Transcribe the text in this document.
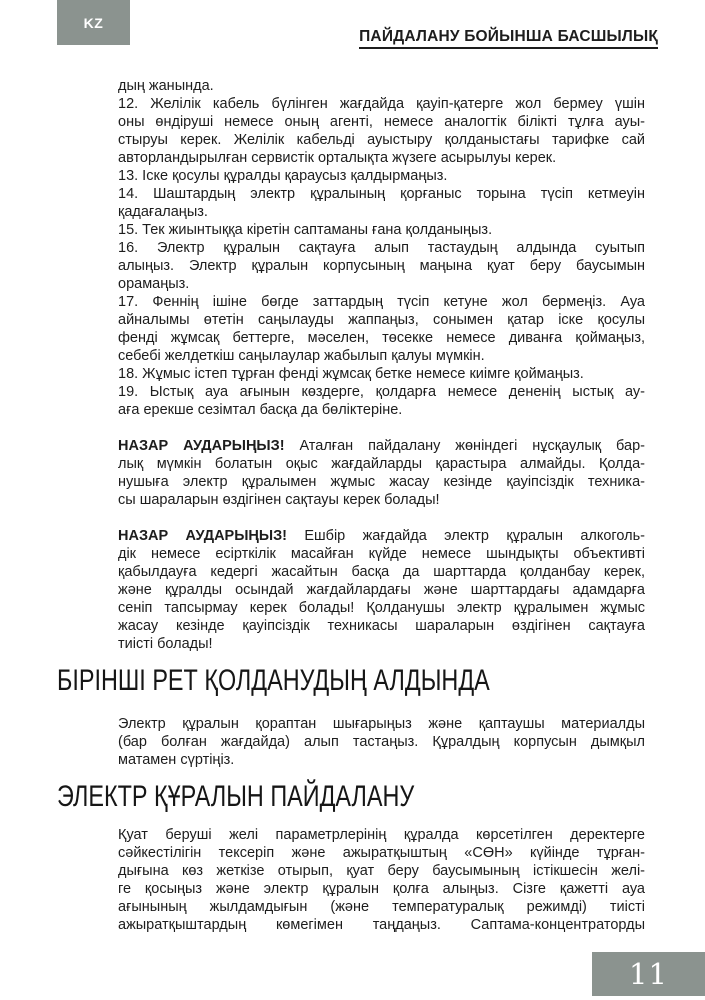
KZ
ПАЙДАЛАНУ БОЙЫНША БАСШЫЛЫҚ
дың жанында.
12. Желілік кабель бүлінген жағдайда қауіп-қатерге жол бермеу үшін
оны өндіруші немесе оның агенті, немесе аналогтік білікті тұлға ауы-
стыруы керек. Желілік кабельді ауыстыру қолданыстағы тарифке сай
авторландырылған сервистік орталықта жүзеге асырылуы керек.
13. Іске қосулы құралды қараусыз қалдырмаңыз.
14. Шаштардың электр құралының қорғаныс торына түсіп кетмеуін
қадағалаңыз.
15. Тек жиынтыққа кіретін саптаманы ғана қолданыңыз.
16. Электр құралын сақтауға алып тастаудың алдында суытып
алыңыз. Электр құралын корпусының маңына қуат беру баусымын
орамаңыз.
17. Феннің ішіне бөгде заттардың түсіп кетуне жол бермеңіз. Ауа
айналымы өтетін саңылауды жаппаңыз, сонымен қатар іске қосулы
фенді жұмсақ беттерге, мәселен, төсекке немесе диванға қоймаңыз,
себебі желдеткіш саңылаулар жабылып қалуы мүмкін.
18. Жұмыс істеп тұрған фенді жұмсақ бетке немесе киімге қоймаңыз.
19. Ыстық ауа ағынын көздерге, қолдарға немесе дененің ыстық ау-
аға ерекше сезімтал басқа да бөліктеріне.
НАЗАР АУДАРЫҢЫЗ! Аталған пайдалану жөніндегі нұсқаулық бар-
лық мүмкін болатын оқыс жағдайларды қарастыра алмайды. Қолда-
нушыға электр құралымен жұмыс жасау кезінде қауіпсіздік техника-
сы шараларын өздігінен сақтауы керек болады!
НАЗАР АУДАРЫҢЫЗ! Ешбір жағдайда электр құралын алкоголь-
дік немесе есірткілік масайған күйде немесе шындықты объективті
қабылдауға кедергі жасайтын басқа да шарттарда қолданбау керек,
және құралды осындай жағдайлардағы және шарттардағы адамдарға
сеніп тапсырмау керек болады! Қолданушы электр құралымен жұмыс
жасау кезінде қауіпсіздік техникасы шараларын өздігінен сақтауға
тиісті болады!
БІРІНШІ РЕТ ҚОЛДАНУДЫҢ АЛДЫНДА
Электр құралын қораптан шығарыңыз және қаптаушы материалды
(бар болған жағдайда) алып тастаңыз. Құралдың корпусын дымқыл
матамен сүртіңіз.
ЭЛЕКТР ҚҰРАЛЫН ПАЙДАЛАНУ
Қуат беруші желі параметрлерінің құралда көрсетілген деректерге
сәйкестілігін тексеріп және ажыратқыштың «СӨН» күйінде тұрған-
дығына көз жеткізе отырып, қуат беру баусымының істікшесін желі-
ге қосыңыз және электр құралын қолға алыңыз. Сізге қажетті ауа
ағынының жылдамдығын (және температуралық режимді) тиісті
ажыратқыштардың көмегімен таңдаңыз. Саптама-концентраторды
11
